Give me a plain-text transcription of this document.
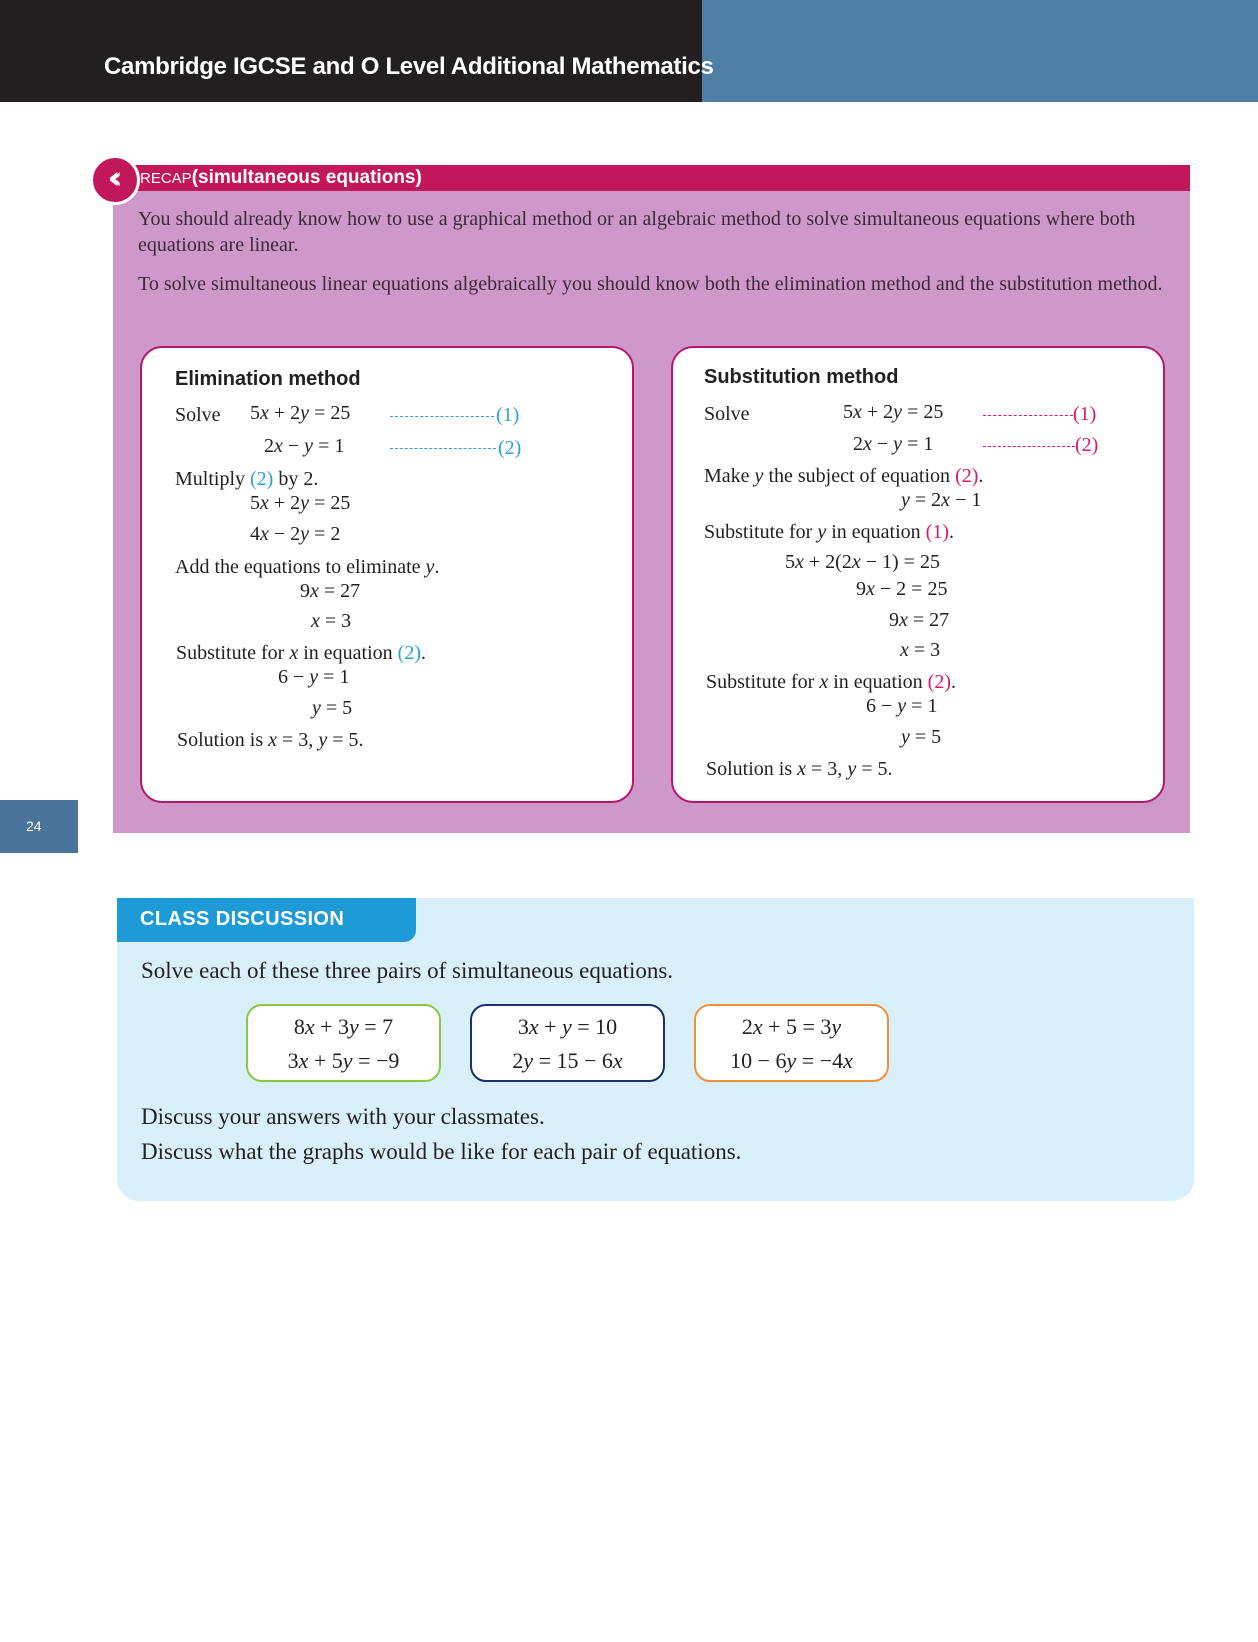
Cambridge IGCSE and O Level Additional Mathematics
24
‹‹	RECAP(simultaneous equations)
You should already know how to use a graphical method or an algebraic method to solve simultaneous equations where both equations are linear.
To solve simultaneous linear equations algebraically you should know both the elimination method and the substitution method.
Elimination method
Solve 5x + 2y = 25	(1)
2x − y = 1	(2)
Multiply (2) by 2.
5x + 2y = 25
4x − 2y = 2
Add the equations to eliminate y.
9x = 27
x = 3
Substitute for x in equation (2).
6 − y = 1
y = 5
Solution is x = 3, y = 5.
Substitution method
Solve	5x + 2y = 25	(1)
2x − y = 1	(2)
Make y the subject of equation (2).
y = 2x − 1
Substitute for y in equation (1).
5x + 2(2x − 1) = 25
9x − 2 = 25
9x = 27
x = 3
Substitute for x in equation (2).
6 − y = 1
y = 5
Solution is x = 3, y = 5.
CLASS DISCUSSION
Solve each of these three pairs of simultaneous equations.
8x + 3y = 7
3x + 5y = −9
3x + y = 10
2y = 15 − 6x
2x + 5 = 3y
10 − 6y = −4x
Discuss your answers with your classmates.
Discuss what the graphs would be like for each pair of equations.
